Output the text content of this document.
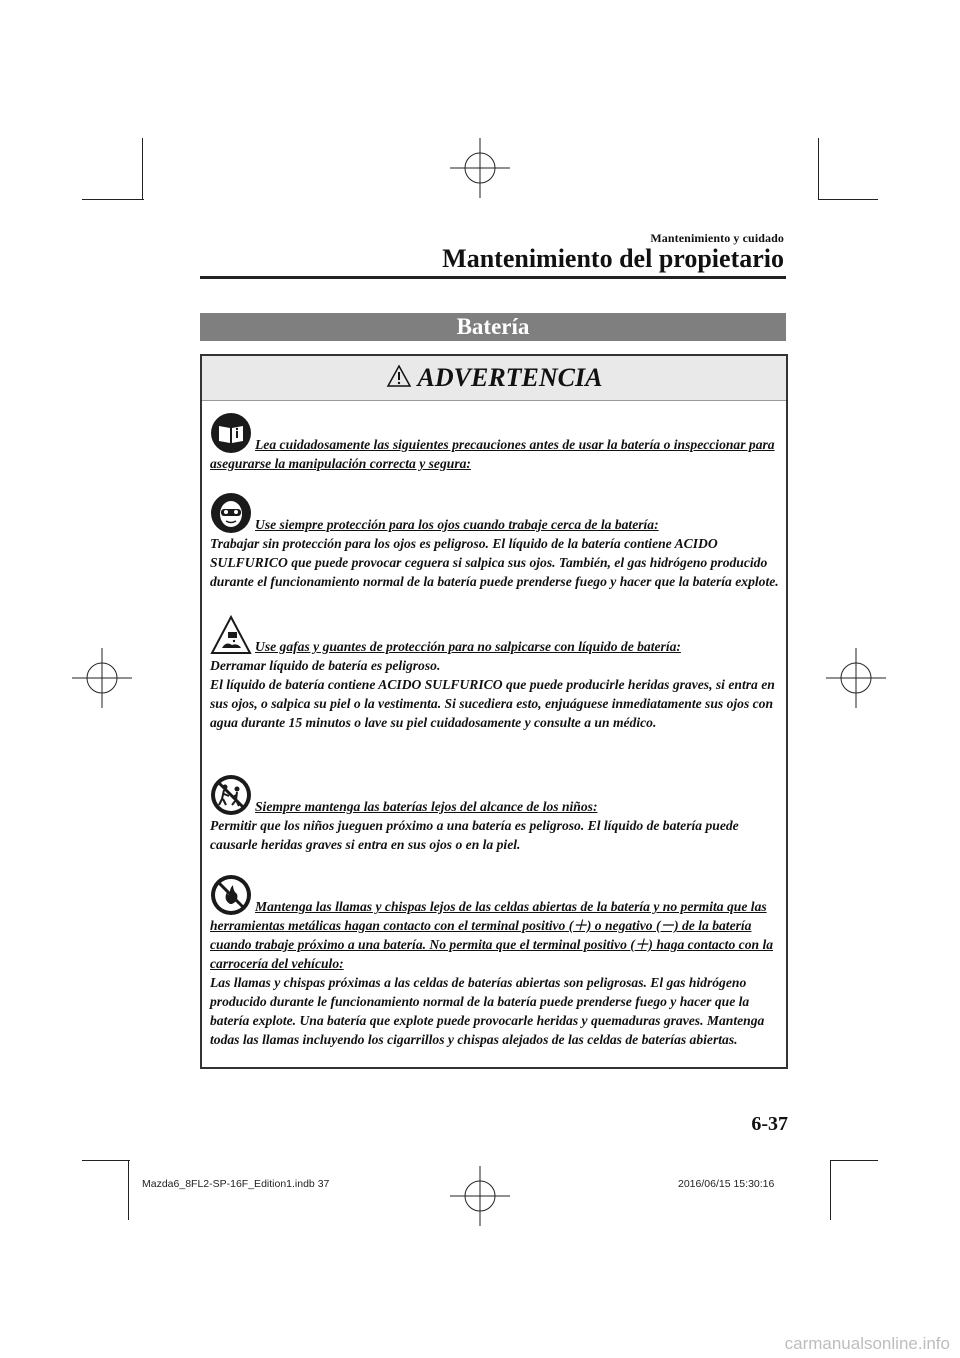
Mantenimiento y cuidado
Mantenimiento del propietario
Batería
ADVERTENCIA
Lea cuidadosamente las siguientes precauciones antes de usar la batería o inspeccionar para asegurarse la manipulación correcta y segura:
Use siempre protección para los ojos cuando trabaje cerca de la batería:
Trabajar sin protección para los ojos es peligroso. El líquido de la batería contiene ACIDO SULFURICO que puede provocar ceguera si salpica sus ojos. También, el gas hidrógeno producido durante el funcionamiento normal de la batería puede prenderse fuego y hacer que la batería explote.
Use gafas y guantes de protección para no salpicarse con líquido de batería:
Derramar líquido de batería es peligroso.
El líquido de batería contiene ACIDO SULFURICO que puede producirle heridas graves, si entra en sus ojos, o salpica su piel o la vestimenta. Si sucediera esto, enjuáguese inmediatamente sus ojos con agua durante 15 minutos o lave su piel cuidadosamente y consulte a un médico.
Siempre mantenga las baterías lejos del alcance de los niños:
Permitir que los niños jueguen próximo a una batería es peligroso. El líquido de batería puede causarle heridas graves si entra en sus ojos o en la piel.
Mantenga las llamas y chispas lejos de las celdas abiertas de la batería y no permita que las herramientas metálicas hagan contacto con el terminal positivo (＋) o negativo (－) de la batería cuando trabaje próximo a una batería. No permita que el terminal positivo (＋) haga contacto con la carrocería del vehículo:
Las llamas y chispas próximas a las celdas de baterías abiertas son peligrosas. El gas hidrógeno producido durante le funcionamiento normal de la batería puede prenderse fuego y hacer que la batería explote. Una batería que explote puede provocarle heridas y quemaduras graves. Mantenga todas las llamas incluyendo los cigarrillos y chispas alejados de las celdas de baterías abiertas.
6-37
Mazda6_8FL2-SP-16F_Edition1.indb 37	2016/06/15 15:30:16
carmanualsonline.info
